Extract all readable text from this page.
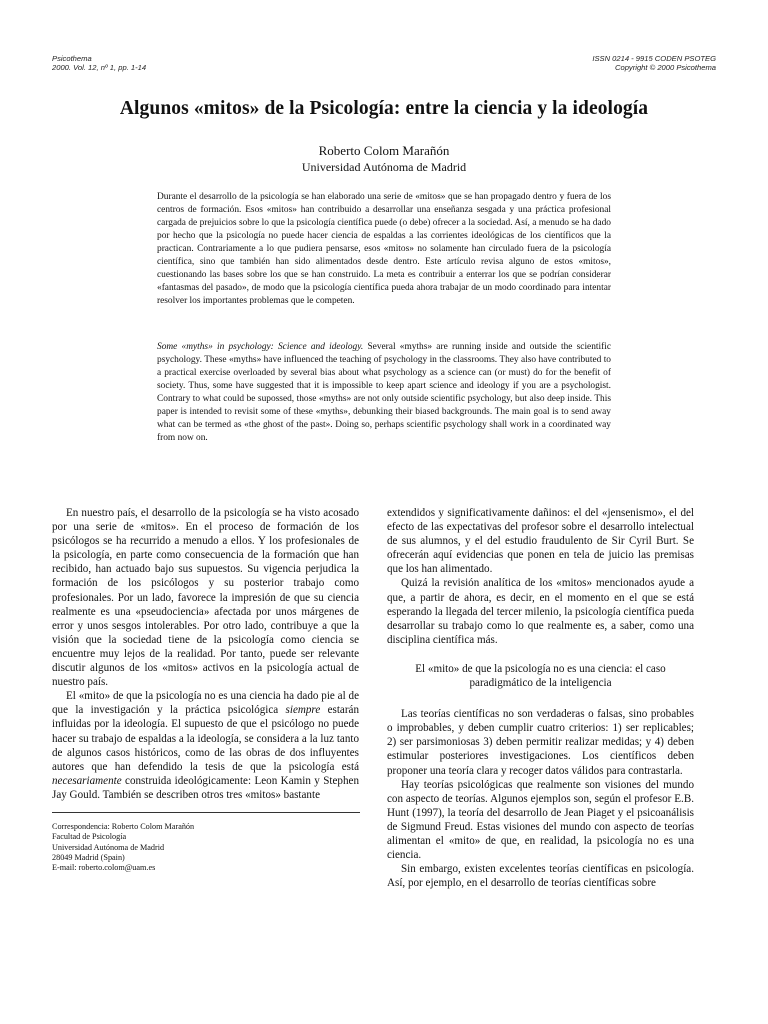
Psicothema
2000. Vol. 12, nº 1, pp. 1-14
ISSN 0214 - 9915 CODEN PSOTEG
Copyright © 2000 Psicothema
Algunos «mitos» de la Psicología: entre la ciencia y la ideología
Roberto Colom Marañón
Universidad Autónoma de Madrid

Durante el desarrollo de la psicología se han elaborado una serie de «mitos» que se han propagado dentro y fuera de los centros de formación. Esos «mitos» han contribuido a desarrollar una enseñanza sesgada y una práctica profesional cargada de prejuicios sobre lo que la psicología científica puede (o debe) ofrecer a la sociedad. Así, a menudo se ha dado por hecho que la psicología no puede hacer ciencia de espaldas a las corrientes ideológicas de los científicos que la practican. Contrariamente a lo que pudiera pensarse, esos «mitos» no solamente han circulado fuera de la psicología científica, sino que también han sido alimentados desde dentro. Este artículo revisa alguno de estos «mitos», cuestionando las bases sobre los que se han construido. La meta es contribuir a enterrar los que se podrían considerar «fantasmas del pasado», de modo que la psicología científica pueda ahora trabajar de un modo coordinado para intentar resolver los importantes problemas que le competen.

Some «myths» in psychology: Science and ideology. Several «myths» are running inside and outside the scientific psychology. These «myths» have influenced the teaching of psychology in the classrooms. They also have contributed to a practical exercise overloaded by several bias about what psychology as a science can (or must) do for the benefit of society. Thus, some have suggested that it is impossible to keep apart science and ideology if you are a psychologist. Contrary to what could be supossed, those «myths» are not only outside scientific psychology, but also deep inside. This paper is intended to revisit some of these «myths», debunking their biased backgrounds. The main goal is to send away what can be termed as «the ghost of the past». Doing so, perhaps scientific psychology shall work in a coordinated way from now on.

En nuestro país, el desarrollo de la psicología se ha visto acosado por una serie de «mitos». En el proceso de formación de los psicólogos se ha recurrido a menudo a ellos. Y los profesionales de la psicología, en parte como consecuencia de la formación que han recibido, han actuado bajo sus supuestos. Su vigencia perjudica la formación de los psicólogos y su posterior trabajo como profesionales. Por un lado, favorece la impresión de que su ciencia realmente es una «pseudociencia» afectada por unos márgenes de error y unos sesgos intolerables. Por otro lado, contribuye a que la visión que la sociedad tiene de la psicología como ciencia se encuentre muy lejos de la realidad. Por tanto, puede ser relevante discutir algunos de los «mitos» activos en la psicología actual de nuestro país.

El «mito» de que la psicología no es una ciencia ha dado pie al de que la investigación y la práctica psicológica siempre estarán influidas por la ideología. El supuesto de que el psicólogo no puede hacer su trabajo de espaldas a la ideología, se considera a la luz tanto de algunos casos históricos, como de las obras de dos influyentes autores que han defendido la tesis de que la psicología está necesariamente construida ideológicamente: Leon Kamin y Stephen Jay Gould. También se describen otros tres «mitos» bastante

Correspondencia: Roberto Colom Marañón
Facultad de Psicología
Universidad Autónoma de Madrid
28049 Madrid (Spain)
E-mail: roberto.colom@uam.es

extendidos y significativamente dañinos: el del «jensenismo», el del efecto de las expectativas del profesor sobre el desarrollo intelectual de sus alumnos, y el del estudio fraudulento de Sir Cyril Burt. Se ofrecerán aquí evidencias que ponen en tela de juicio las premisas que los han alimentado.

Quizá la revisión analítica de los «mitos» mencionados ayude a que, a partir de ahora, es decir, en el momento en el que se está esperando la llegada del tercer milenio, la psicología científica pueda desarrollar su trabajo como lo que realmente es, a saber, como una disciplina científica más.

El «mito» de que la psicología no es una ciencia: el caso paradigmático de la inteligencia

Las teorías científicas no son verdaderas o falsas, sino probables o improbables, y deben cumplir cuatro criterios: 1) ser replicables; 2) ser parsimoniosas 3) deben permitir realizar medidas; y 4) deben estimular posteriores investigaciones. Los científicos deben proponer una teoría clara y recoger datos válidos para contrastarla.

Hay teorías psicológicas que realmente son visiones del mundo con aspecto de teorías. Algunos ejemplos son, según el profesor E.B. Hunt (1997), la teoría del desarrollo de Jean Piaget y el psicoanálisis de Sigmund Freud. Estas visiones del mundo con aspecto de teorías alimentan el «mito» de que, en realidad, la psicología no es una ciencia.

Sin embargo, existen excelentes teorías científicas en psicología. Así, por ejemplo, en el desarrollo de teorías científicas sobre
